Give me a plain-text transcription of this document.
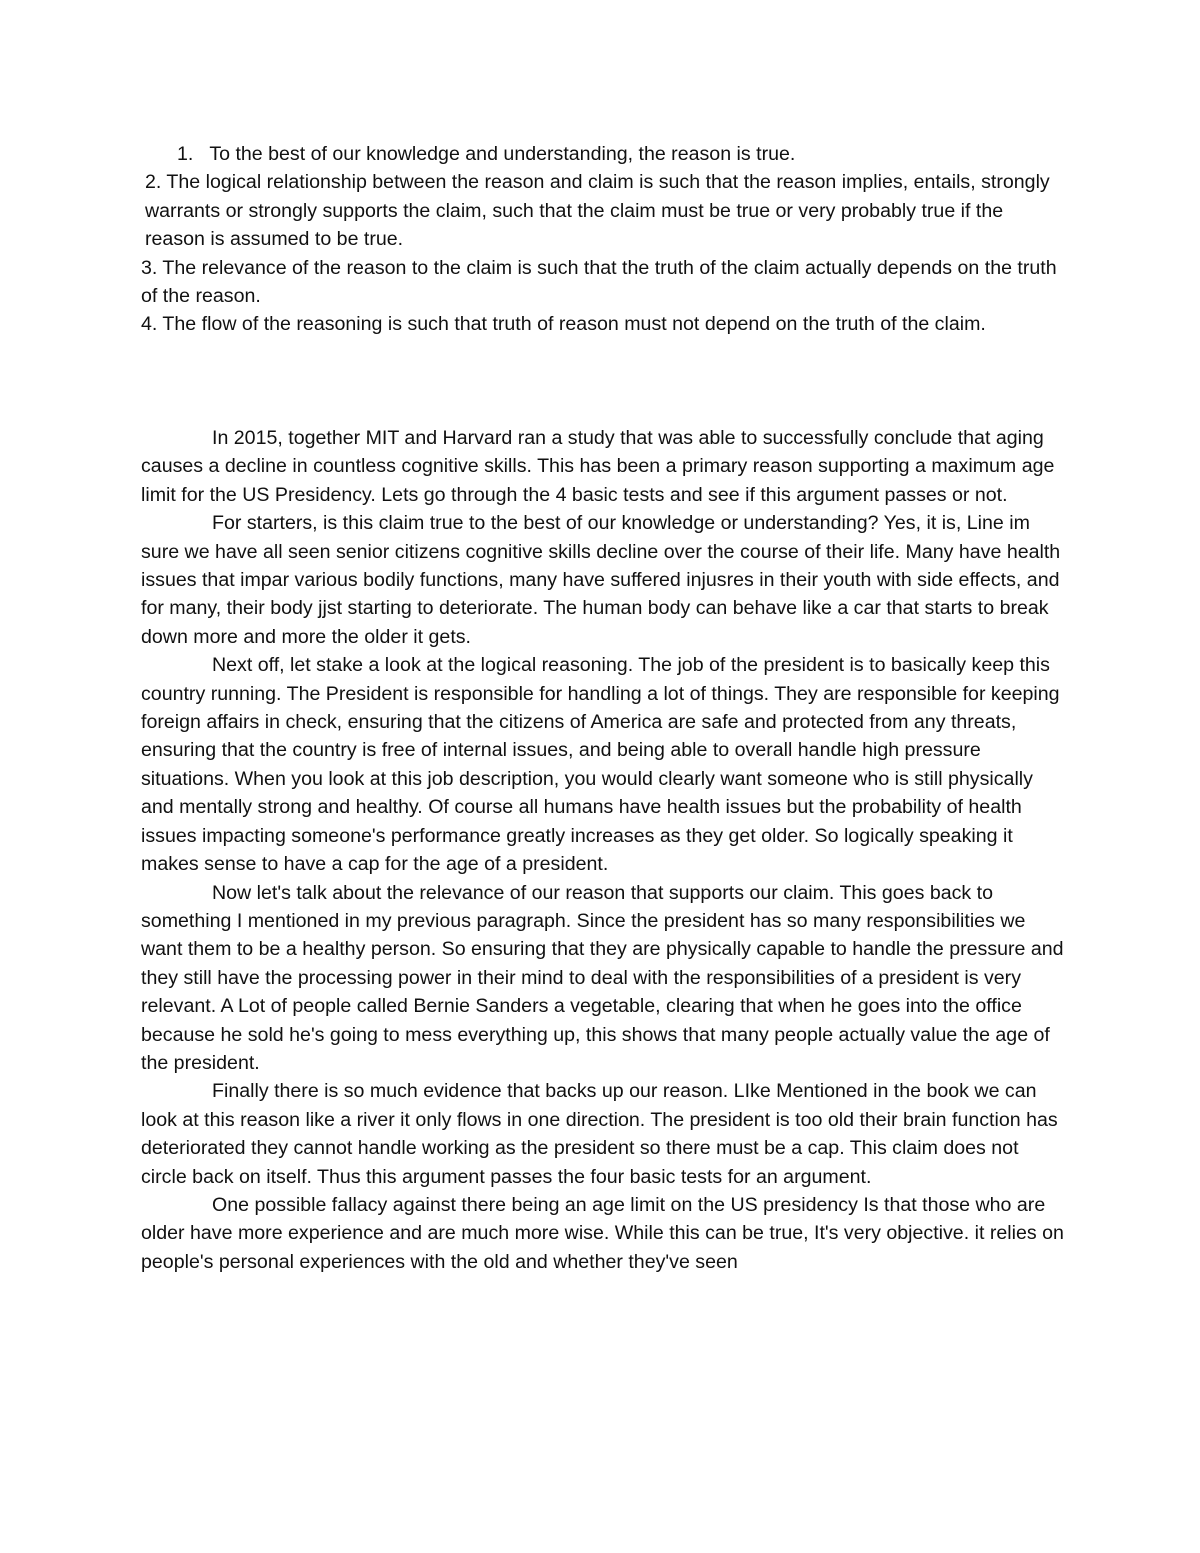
1.   To the best of our knowledge and understanding, the reason is true.

2. The logical relationship between the reason and claim is such that the reason implies, entails, strongly warrants or strongly supports the claim, such that the claim must be true or very probably true if the reason is assumed to be true.

3. The relevance of the reason to the claim is such that the truth of the claim actually depends on the truth of the reason.

4. The flow of the reasoning is such that truth of reason must not depend on the truth of the claim.

In 2015, together MIT and Harvard ran a study that was able to successfully conclude that aging causes a decline in countless cognitive skills. This has been a primary reason supporting a maximum age limit for the US Presidency. Lets go through the 4 basic tests and see if this argument passes or not.

For starters, is this claim true to the best of our knowledge or understanding? Yes, it is, Line im sure we have all seen senior citizens cognitive skills decline over the course of their life. Many have health issues that impar various bodily functions, many have suffered injusres in their youth with side effects, and for many, their body jjst starting to deteriorate. The human body can behave like a car that starts to break down more and more the older it gets.

Next off, let stake a look at the logical reasoning. The job of the president is to basically keep this country running. The President is responsible for handling a lot of things. They are responsible for keeping foreign affairs in check, ensuring that the citizens of America are safe and protected from any threats, ensuring that the country is free of internal issues, and being able to overall handle high pressure situations. When you look at this job description, you would clearly want someone who is still physically and mentally strong and healthy. Of course all humans have health issues but the probability of health issues impacting someone's performance greatly increases as they get older. So logically speaking it makes sense to have a cap for the age of a president.

Now let's talk about the relevance of our reason that supports our claim. This goes back to something I mentioned in my previous paragraph. Since the president has so many responsibilities we want them to be a healthy person. So ensuring that they are physically capable to handle the pressure and they still have the processing power in their mind to deal with the responsibilities of a president is very relevant. A Lot of people called Bernie Sanders a vegetable, clearing that when he goes into the office because he sold he's going to mess everything up, this shows that many people actually value the age of the president.

Finally there is so much evidence that backs up our reason. LIke Mentioned in the book we can look at this reason like a river it only flows in one direction. The president is too old their brain function has deteriorated they cannot handle working as the president so there must be a cap. This claim does not circle back on itself. Thus this argument passes the four basic tests for an argument.

One possible fallacy against there being an age limit on the US presidency Is that those who are older have more experience and are much more wise. While this can be true, It's very objective. it relies on people's personal experiences with the old and whether they've seen
